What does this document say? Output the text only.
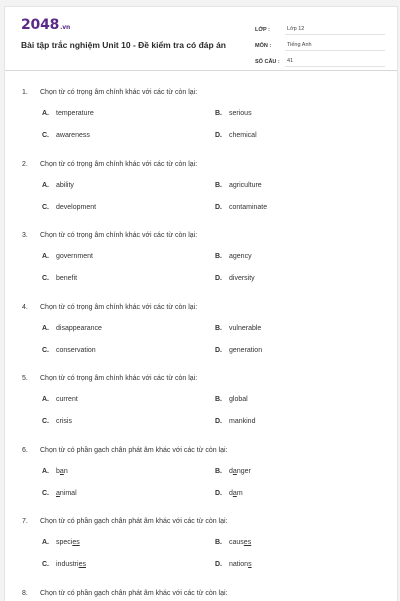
2048.vn
Bài tập trắc nghiệm Unit 10 - Đề kiểm tra có đáp án
LỚP :	Lớp 12
MÔN :	Tiếng Anh
SỐ CÂU :	41
1. Chọn từ có trọng âm chính khác với các từ còn lại:
A. temperature	B. serious
C. awareness	D. chemical
2. Chọn từ có trọng âm chính khác với các từ còn lại:
A. ability	B. agriculture
C. development	D. contaminate
3. Chọn từ có trọng âm chính khác với các từ còn lại:
A. government	B. agency
C. benefit	D. diversity
4. Chọn từ có trọng âm chính khác với các từ còn lại:
A. disappearance	B. vulnerable
C. conservation	D. generation
5. Chọn từ có trọng âm chính khác với các từ còn lại:
A. current	B. global
C. crisis	D. mankind
6. Chọn từ có phần gạch chân phát âm khác với các từ còn lại:
A. ban	B. danger
C. animal	D. dam
7. Chọn từ có phần gạch chân phát âm khác với các từ còn lại:
A. species	B. causes
C. industries	D. nations
8. Chọn từ có phần gạch chân phát âm khác với các từ còn lại:
